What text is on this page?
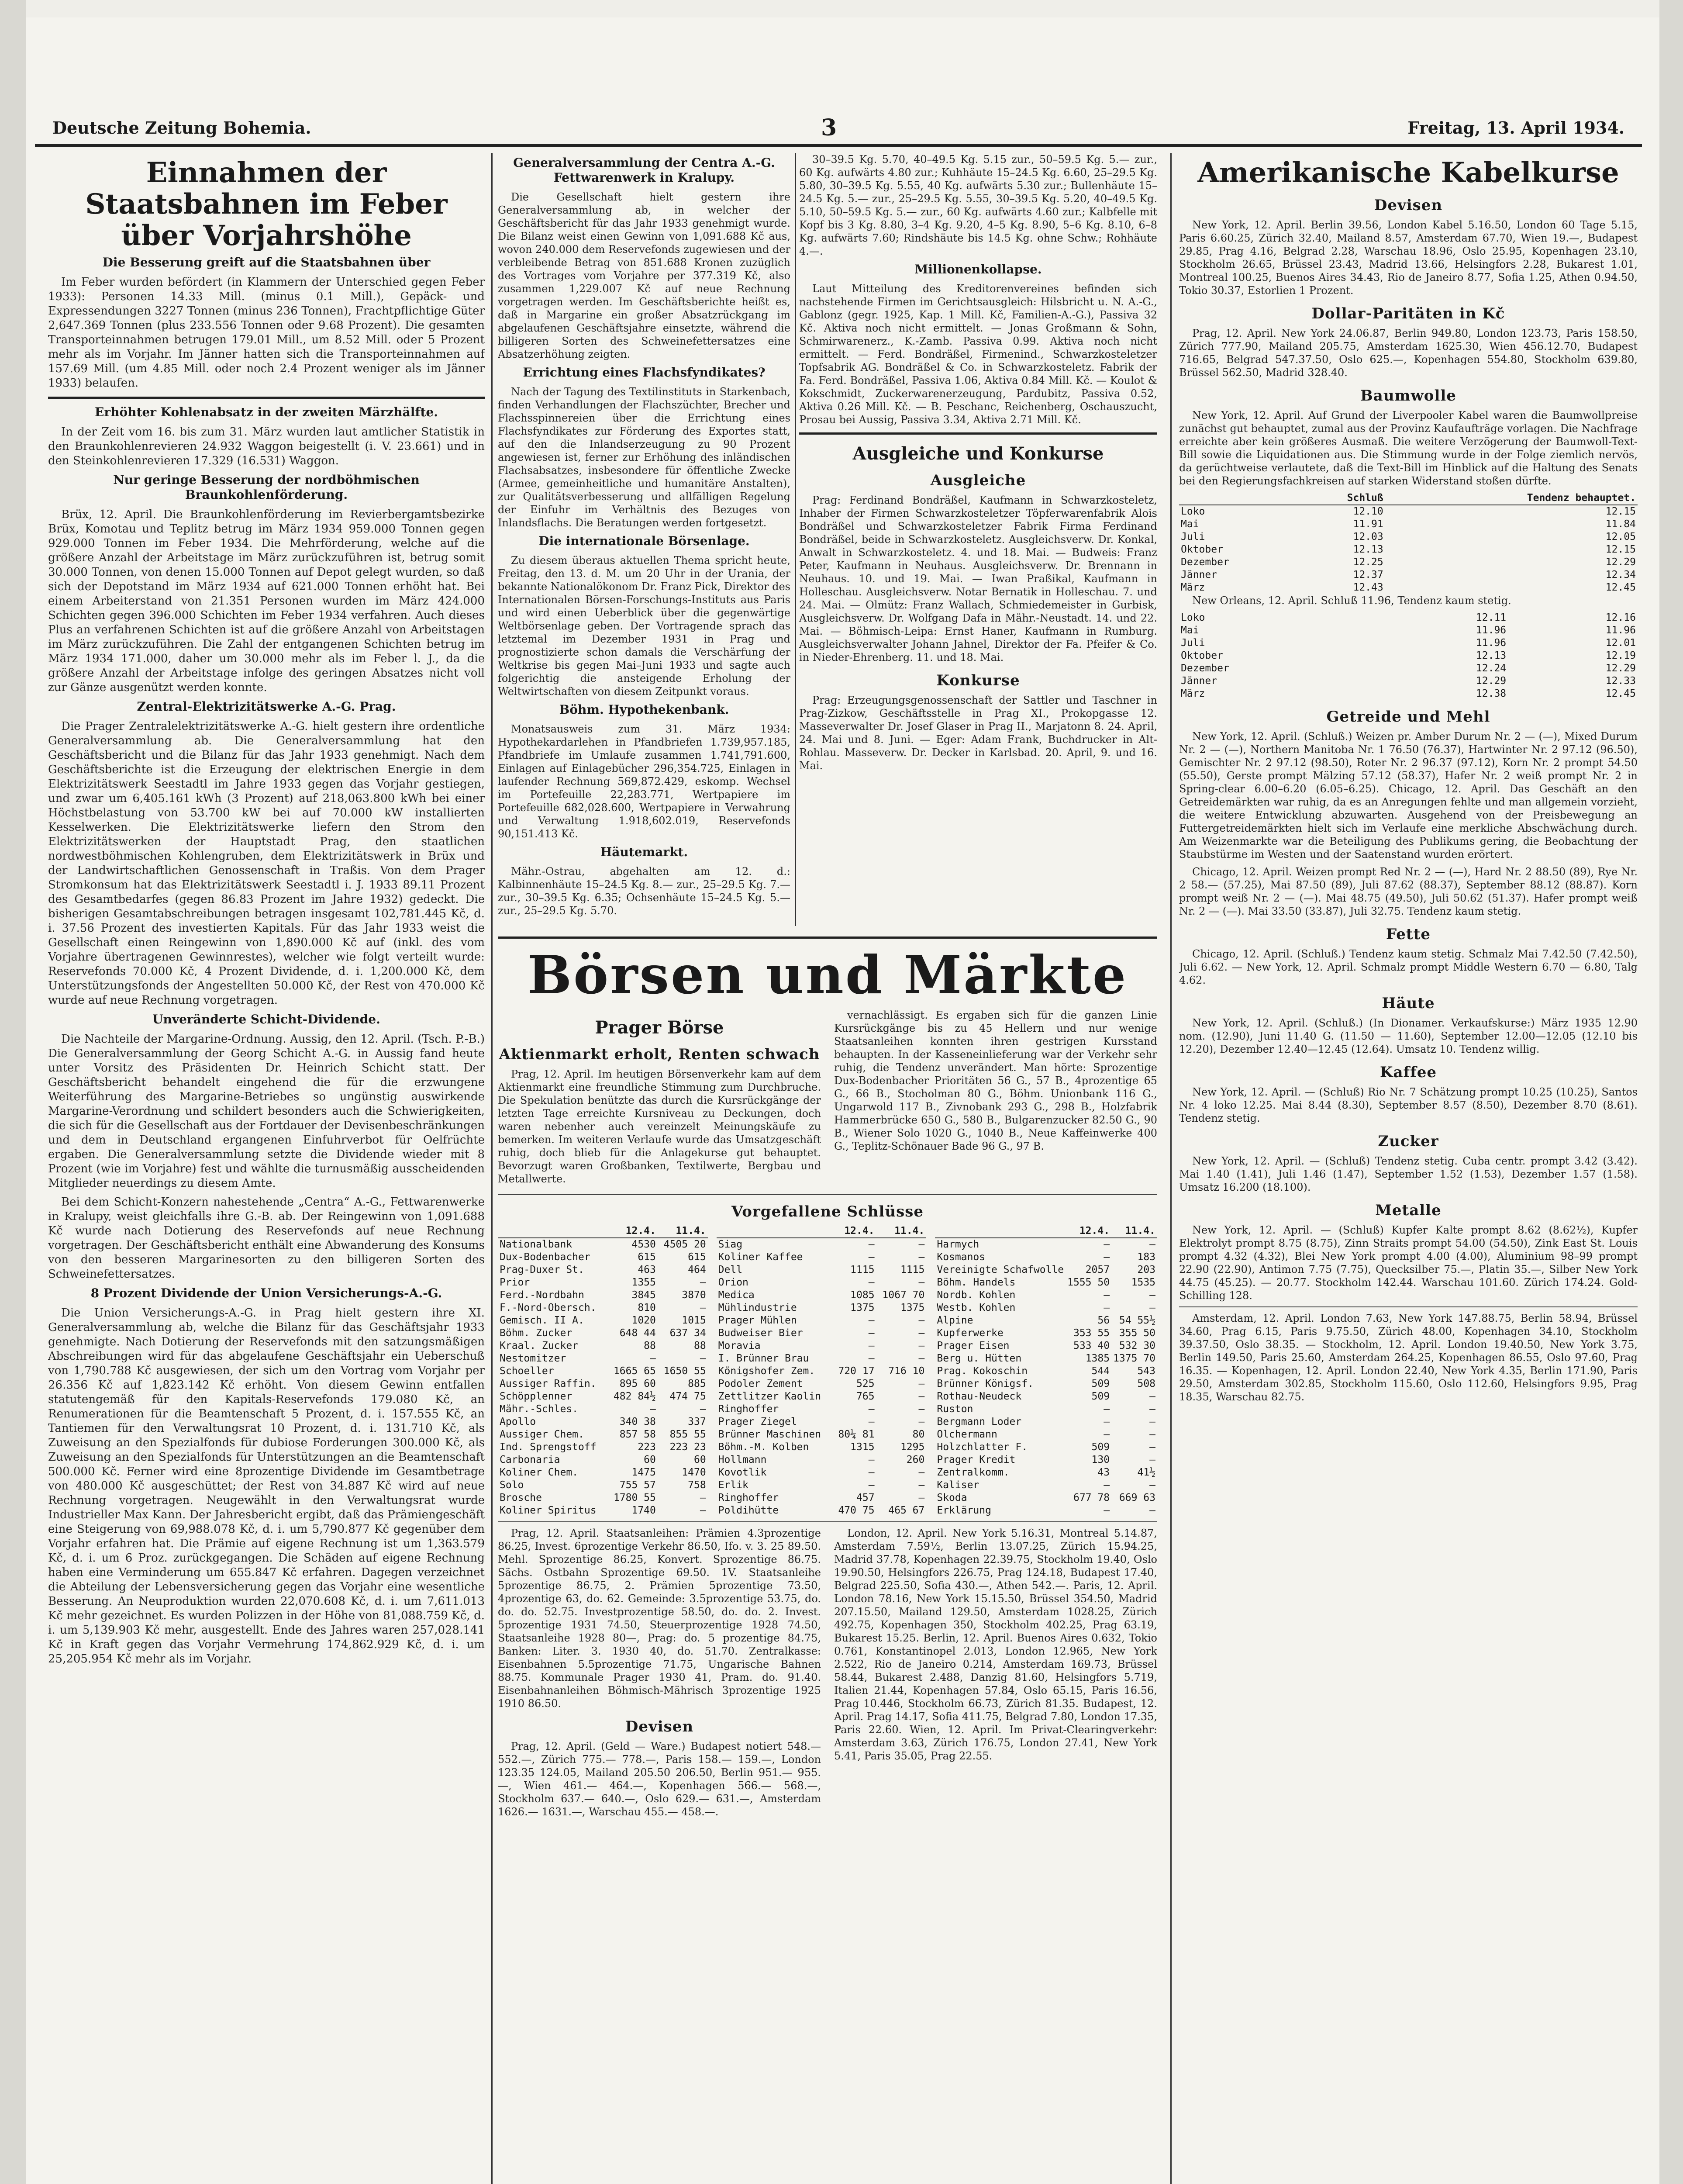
Deutsche Zeitung Bohemia.	3	Freitag, 13. April 1934.
Einnahmen der Staatsbahnen im Feber über Vorjahrshöhe
Die Besserung greift auf die Staatsbahnen über

Im Feber wurden befördert (in Klammern der Unterschied gegen Feber 1933): Personen 14.33 Mill. (minus 0.1 Mill.), Gepäck- und Expressendungen 3227 Tonnen (minus 236 Tonnen), Frachtpflichtige Güter 2,647.369 Tonnen (plus 233.556 Tonnen oder 9.68 Prozent). Die gesamten Transporteinnahmen betrugen 179.01 Mill., um 8.52 Mill. oder 5 Prozent mehr als im Vorjahr. Im Jänner hatten sich die Transporteinnahmen auf 157.69 Mill. (um 4.85 Mill. oder noch 2.4 Prozent weniger als im Jänner 1933) belaufen.

Erhöhter Kohlenabsatz in der zweiten Märzhälfte.

In der Zeit vom 16. bis zum 31. März wurden laut amtlicher Statistik in den Braunkohlenrevieren 24.932 Waggon beigestellt (i. V. 23.661) und in den Steinkohlenrevieren 17.329 (16.531) Waggon.

Nur geringe Besserung der nordböhmischen Braunkohlenförderung.

Brüx, 12. April. Die Braunkohlenförderung im Revierbergamtsbezirke Brüx, Komotau und Teplitz betrug im März 1934 959.000 Tonnen gegen 929.000 Tonnen im Feber 1934. Die Mehrförderung, welche auf die größere Anzahl der Arbeitstage im März zurückzuführen ist, betrug somit 30.000 Tonnen, von denen 15.000 Tonnen auf Depot gelegt wurden, so daß sich der Depotstand im März 1934 auf 621.000 Tonnen erhöht hat. Bei einem Arbeiterstand von 21.351 Personen wurden im März 424.000 Schichten gegen 396.000 Schichten im Feber 1934 verfahren. Auch dieses Plus an verfahrenen Schichten ist auf die größere Anzahl von Arbeitstagen im März zurückzuführen. Die Zahl der entgangenen Schichten betrug im März 1934 171.000, daher um 30.000 mehr als im Feber l. J., da die größere Anzahl der Arbeitstage infolge des geringen Absatzes nicht voll zur Gänze ausgenützt werden konnte.

Zentral-Elektrizitätswerke A.-G. Prag.

Die Prager Zentralelektrizitätswerke A.-G. hielt gestern ihre ordentliche Generalversammlung ab. Die Generalversammlung hat den Geschäftsbericht und die Bilanz für das Jahr 1933 genehmigt. Nach dem Geschäftsberichte ist die Erzeugung der elektrischen Energie in dem Elektrizitätswerk Seestadtl im Jahre 1933 gegen das Vorjahr gestiegen, und zwar um 6,405.161 kWh (3 Prozent) auf 218,063.800 kWh bei einer Höchstbelastung von 53.700 kW bei auf 70.000 kW installierten Kesselwerken. Die Elektrizitätswerke liefern den Strom den Elektrizitätswerken der Hauptstadt Prag, den staatlichen nordwestböhmischen Kohlengruben, dem Elektrizitätswerk in Brüx und der Landwirtschaftlichen Genossenschaft in Traßis. Von dem Prager Stromkonsum hat das Elektrizitätswerk Seestadtl i. J. 1933 89.11 Prozent des Gesamtbedarfes (gegen 86.83 Prozent im Jahre 1932) gedeckt. Die bisherigen Gesamtabschreibungen betragen insgesamt 102,781.445 Kč, d. i. 37.56 Prozent des investierten Kapitals. Für das Jahr 1933 weist die Gesellschaft einen Reingewinn von 1,890.000 Kč auf (inkl. des vom Vorjahre übertragenen Gewinnrestes), welcher wie folgt verteilt wurde: Reservefonds 70.000 Kč, 4 Prozent Dividende, d. i. 1,200.000 Kč, dem Unterstützungsfonds der Angestellten 50.000 Kč, der Rest von 470.000 Kč wurde auf neue Rechnung vorgetragen.

Unveränderte Schicht-Dividende.

Die Nachteile der Margarine-Ordnung. Aussig, den 12. April. (Tsch. P.-B.) Die Generalversammlung der Georg Schicht A.-G. in Aussig fand heute unter Vorsitz des Präsidenten Dr. Heinrich Schicht statt. Der Geschäftsbericht behandelt eingehend die für die erzwungene Weiterführung des Margarine-Betriebes so ungünstig auswirkende Margarine-Verordnung und schildert besonders auch die Schwierigkeiten, die sich für die Gesellschaft aus der Fortdauer der Devisenbeschränkungen und dem in Deutschland ergangenen Einfuhrverbot für Oelfrüchte ergaben. Die Generalversammlung setzte die Dividende wieder mit 8 Prozent (wie im Vorjahre) fest und wählte die turnusmäßig ausscheidenden Mitglieder neuerdings zu diesem Amte.

Bei dem Schicht-Konzern nahestehende „Centra“ A.-G., Fettwarenwerke in Kralupy, weist gleichfalls ihre G.-B. ab. Der Reingewinn von 1,091.688 Kč wurde nach Dotierung des Reservefonds auf neue Rechnung vorgetragen. Der Geschäftsbericht enthält eine Abwanderung des Konsums von den besseren Margarinesorten zu den billigeren Sorten des Schweinefettersatzes.

8 Prozent Dividende der Union Versicherungs-A.-G.

Die Union Versicherungs-A.-G. in Prag hielt gestern ihre XI. Generalversammlung ab, welche die Bilanz für das Geschäftsjahr 1933 genehmigte. Nach Dotierung der Reservefonds mit den satzungsmäßigen Abschreibungen wird für das abgelaufene Geschäftsjahr ein Ueberschuß von 1,790.788 Kč ausgewiesen, der sich um den Vortrag vom Vorjahr per 26.356 Kč auf 1,823.142 Kč erhöht. Von diesem Gewinn entfallen statutengemäß für den Kapitals-Reservefonds 179.080 Kč, an Renumerationen für die Beamtenschaft 5 Prozent, d. i. 157.555 Kč, an Tantiemen für den Verwaltungsrat 10 Prozent, d. i. 131.710 Kč, als Zuweisung an den Spezialfonds für dubiose Forderungen 300.000 Kč, als Zuweisung an den Spezialfonds für Unterstützungen an die Beamtenschaft 500.000 Kč. Ferner wird eine 8prozentige Dividende im Gesamtbetrage von 480.000 Kč ausgeschüttet; der Rest von 34.887 Kč wird auf neue Rechnung vorgetragen. Neugewählt in den Verwaltungsrat wurde Industrieller Max Kann. Der Jahresbericht ergibt, daß das Prämiengeschäft eine Steigerung von 69,988.078 Kč, d. i. um 5,790.877 Kč gegenüber dem Vorjahr erfahren hat. Die Prämie auf eigene Rechnung ist um 1,363.579 Kč, d. i. um 6 Proz. zurückgegangen. Die Schäden auf eigene Rechnung haben eine Verminderung um 655.847 Kč erfahren. Dagegen verzeichnet die Abteilung der Lebensversicherung gegen das Vorjahr eine wesentliche Besserung. An Neuproduktion wurden 22,070.608 Kč, d. i. um 7,611.013 Kč mehr gezeichnet. Es wurden Polizzen in der Höhe von 81,088.759 Kč, d. i. um 5,139.903 Kč mehr, ausgestellt. Ende des Jahres waren 257,028.141 Kč in Kraft gegen das Vorjahr Vermehrung 174,862.929 Kč, d. i. um 25,205.954 Kč mehr als im Vorjahr.

Generalversammlung der Centra A.-G. Fettwarenwerk in Kralupy.

Die Gesellschaft hielt gestern ihre Generalversammlung ab, in welcher der Geschäftsbericht für das Jahr 1933 genehmigt wurde. Die Bilanz weist einen Gewinn von 1,091.688 Kč aus, wovon 240.000 dem Reservefonds zugewiesen und der verbleibende Betrag von 851.688 Kronen zuzüglich des Vortrages vom Vorjahre per 377.319 Kč, also zusammen 1,229.007 Kč auf neue Rechnung vorgetragen werden. Im Geschäftsberichte heißt es, daß in Margarine ein großer Absatzrückgang im abgelaufenen Geschäftsjahre einsetzte, während die billigeren Sorten des Schweinefettersatzes eine Absatzerhöhung zeigten.

Errichtung eines Flachsfyndikates?

Nach der Tagung des Textilinstituts in Starkenbach, finden Verhandlungen der Flachszüchter, Brecher und Flachsspinnereien über die Errichtung eines Flachsfyndikates zur Förderung des Exportes statt, auf den die Inlandserzeugung zu 90 Prozent angewiesen ist, ferner zur Erhöhung des inländischen Flachsabsatzes, insbesondere für öffentliche Zwecke (Armee, gemeinheitliche und humanitäre Anstalten), zur Qualitätsverbesserung und allfälligen Regelung der Einfuhr im Verhältnis des Bezuges von Inlandsflachs. Die Beratungen werden fortgesetzt.

Die internationale Börsenlage.

Zu diesem überaus aktuellen Thema spricht heute, Freitag, den 13. d. M. um 20 Uhr in der Urania, der bekannte Nationalökonom Dr. Franz Pick, Direktor des Internationalen Börsen-Forschungs-Instituts aus Paris und wird einen Ueberblick über die gegenwärtige Weltbörsenlage geben. Der Vortragende sprach das letztemal im Dezember 1931 in Prag und prognostizierte schon damals die Verschärfung der Weltkrise bis gegen Mai–Juni 1933 und sagte auch folgerichtig die ansteigende Erholung der Weltwirtschaften von diesem Zeitpunkt voraus.

Böhm. Hypothekenbank.

Monatsausweis zum 31. März 1934: Hypothekardarlehen in Pfandbriefen 1.739,957.185, Pfandbriefe im Umlaufe zusammen 1.741,791.600, Einlagen auf Einlagebücher 296,354.725, Einlagen in laufender Rechnung 569,872.429, eskomp. Wechsel im Portefeuille 22,283.771, Wertpapiere im Portefeuille 682,028.600, Wertpapiere in Verwahrung und Verwaltung 1.918,602.019, Reservefonds 90,151.413 Kč.

Häutemarkt.

Mähr.-Ostrau, abgehalten am 12. d.: Kalbinnenhäute 15–24.5 Kg. 8.— zur., 25–29.5 Kg. 7.— zur., 30–39.5 Kg. 6.35; Ochsenhäute 15–24.5 Kg. 5.— zur., 25–29.5 Kg. 5.70.

30–39.5 Kg. 5.70, 40–49.5 Kg. 5.15 zur., 50–59.5 Kg. 5.— zur., 60 Kg. aufwärts 4.80 zur.; Kuhhäute 15–24.5 Kg. 6.60, 25–29.5 Kg. 5.80, 30–39.5 Kg. 5.55, 40 Kg. aufwärts 5.30 zur.; Bullenhäute 15–24.5 Kg. 5.— zur., 25–29.5 Kg. 5.55, 30–39.5 Kg. 5.20, 40–49.5 Kg. 5.10, 50–59.5 Kg. 5.— zur., 60 Kg. aufwärts 4.60 zur.; Kalbfelle mit Kopf bis 3 Kg. 8.80, 3–4 Kg. 9.20, 4–5 Kg. 8.90, 5–6 Kg. 8.10, 6–8 Kg. aufwärts 7.60; Rindshäute bis 14.5 Kg. ohne Schw.; Rohhäute 4.—.

Millionenkollapse.

Laut Mitteilung des Kreditorenvereines befinden sich nachstehende Firmen im Gerichtsausgleich: Hilsbricht u. N. A.-G., Gablonz (gegr. 1925, Kap. 1 Mill. Kč, Familien-A.-G.), Passiva 32 Kč. Aktiva noch nicht ermittelt. — Jonas Großmann & Sohn, Schmirwarenerz., K.-Zamb. Passiva 0.99. Aktiva noch nicht ermittelt. — Ferd. Bondräßel, Firmenind., Schwarzkosteletzer Topfsabrik AG. Bondräßel & Co. in Schwarzkosteletz. Fabrik der Fa. Ferd. Bondräßel, Passiva 1.06, Aktiva 0.84 Mill. Kč. — Koulot & Kokschmidt, Zuckerwarenerzeugung, Pardubitz, Passiva 0.52, Aktiva 0.26 Mill. Kč. — B. Peschanc, Reichenberg, Oschauszucht, Prosau bei Aussig, Passiva 3.34, Aktiva 2.71 Mill. Kč.

Ausgleiche und Konkurse
Ausgleiche

Prag: Ferdinand Bondräßel, Kaufmann in Schwarzkosteletz, Inhaber der Firmen Schwarzkosteletzer Töpferwarenfabrik Alois Bondräßel und Schwarzkosteletzer Fabrik Firma Ferdinand Bondräßel, beide in Schwarzkosteletz. Ausgleichsverw. Dr. Konkal, Anwalt in Schwarzkosteletz. 4. und 18. Mai. — Budweis: Franz Peter, Kaufmann in Neuhaus. Ausgleichsverw. Dr. Brennann in Neuhaus. 10. und 19. Mai. — Iwan Praßikal, Kaufmann in Holleschau. Ausgleichsverw. Notar Bernatik in Holleschau. 7. und 24. Mai. — Olmütz: Franz Wallach, Schmiedemeister in Gurbisk, Ausgleichsverw. Dr. Wolfgang Dafa in Mähr.-Neustadt. 14. und 22. Mai. — Böhmisch-Leipa: Ernst Haner, Kaufmann in Rumburg. Ausgleichsverwalter Johann Jahnel, Direktor der Fa. Pfeifer & Co. in Nieder-Ehrenberg. 11. und 18. Mai.

Konkurse

Prag: Erzeugungsgenossenschaft der Sattler und Taschner in Prag-Zizkow, Geschäftsstelle in Prag XI., Prokopgasse 12. Masseverwalter Dr. Josef Glaser in Prag II., Marjatonn 8. 24. April, 24. Mai und 8. Juni. — Eger: Adam Frank, Buchdrucker in Alt-Rohlau. Masseverw. Dr. Decker in Karlsbad. 20. April, 9. und 16. Mai.

Börsen und Märkte
Prager Börse
Aktienmarkt erholt, Renten schwach

Prag, 12. April. Im heutigen Börsenverkehr kam auf dem Aktienmarkt eine freundliche Stimmung zum Durchbruche. Die Spekulation benützte das durch die Kursrückgänge der letzten Tage erreichte Kursniveau zu Deckungen, doch waren nebenher auch vereinzelt Meinungskäufe zu bemerken. Im weiteren Verlaufe wurde das Umsatzgeschäft ruhig, doch blieb für die Anlagekurse gut behauptet. Bevorzugt waren Großbanken, Textilwerte, Bergbau und Metallwerte.

vernachlässigt. Es ergaben sich für die ganzen Linie Kursrückgänge bis zu 45 Hellern und nur wenige Staatsanleihen konnten ihren gestrigen Kursstand behaupten. In der Kasseneinlieferung war der Verkehr sehr ruhig, die Tendenz unverändert. Man hörte: Sprozentige Dux-Bodenbacher Prioritäten 56 G., 57 B., 4prozentige 65 G., 66 B., Stocholman 80 G., Böhm. Unionbank 116 G., Ungarwold 117 B., Zivnobank 293 G., 298 B., Holzfabrik Hammerbrücke 650 G., 580 B., Bulgarenzucker 82.50 G., 90 B., Wiener Solo 1020 G., 1040 B., Neue Kaffeinwerke 400 G., Teplitz-Schönauer Bade 96 G., 97 B.

Vorgefallene Schlüsse
	12.4.	11.4.
Nationalbank	4530	4505 20
Dux-Bodenbacher	615	615
Prag-Duxer St.	463	464
Prior	1355	—
Ferd.-Nordbahn	3845	3870
F.-Nord-Obersch.	810	—
Gemisch. II A.	1020	1015
Böhm. Zucker	648 44	637 34
Kraal. Zucker	88	88
Nestomitzer	—	—
Schoeller	1665 65	1650 55
Aussiger Raffin.	895 60	885
Schöpplenner	482 84½	474 75
Mähr.-Schles.	—	—
Apollo	340 38	337
Aussiger Chem.	857 58	855 55
Ind. Sprengstoff	223	223 23
Carbonaria	60	60
Koliner Chem.	1475	1470
Solo	755 57	758
Brosche	1780 55	—
Koliner Spiritus	1740	—
	12.4.	11.4.
Siag	—	—
Koliner Kaffee	—	—
Dell	1115	1115
Orion	—	—
Medica	1085	1067 70
Mühlindustrie	1375	1375
Prager Mühlen	—	—
Budweiser Bier	—	—
Moravia	—	—
I. Brünner Brau	—	—
Königshofer Zem.	720 17	716 10
Podoler Zement	525	—
Zettlitzer Kaolin	765	—
Ringhoffer	—	—
Prager Ziegel	—	—
Brünner Maschinen	80¼ 81	80
Böhm.-M. Kolben	1315	1295
Hollmann	—	260
Kovotlik	—	—
Erlik	—	—
Ringhoffer	457	—
Poldihütte	470 75	465 67
	12.4.	11.4.
Harmych	—	—
Kosmanos	—	183
Vereinigte Schafwolle	2057	203
Böhm. Handels	1555 50	1535
Nordb. Kohlen	—	—
Westb. Kohlen	—	—
Alpine	56	54 55½
Kupferwerke	353 55	355 50
Prager Eisen	533 40	532 30
Berg u. Hütten	1385	1375 70
Prag. Kokoschin	544	543
Brünner Königsf.	509	508
Rothau-Neudeck	509	—
Ruston	—	—
Bergmann Loder	—	—
Olchermann	—	—
Holzchlatter F.	509	—
Prager Kredit	130	—
Zentralkomm.	43	41½
Kaliser	—	—
Skoda	677 78	669 63
Erklärung	—	—

Prag, 12. April. Staatsanleihen: Prämien 4.3prozentige 86.25, Invest. 6prozentige Verkehr 86.50, Ifo. v. 3. 25 89.50. Mehl. Sprozentige 86.25, Konvert. Sprozentige 86.75. Sächs. Ostbahn Sprozentige 69.50. 1V. Staatsanleihe 5prozentige 86.75, 2. Prämien 5prozentige 73.50, 4prozentige 63, do. 62. Gemeinde: 3.5prozentige 53.75, do. do. do. 52.75. Investprozentige 58.50, do. do. 2. Invest. 5prozentige 1931 74.50, Steuerprozentige 1928 74.50, Staatsanleihe 1928 80—, Prag: do. 5 prozentige 84.75, Banken: Liter. 3. 1930 40, do. 51.70. Zentralkasse: Eisenbahnen 5.5prozentige 71.75, Ungarische Bahnen 88.75. Kommunale Prager 1930 41, Pram. do. 91.40. Eisenbahnanleihen Böhmisch-Mährisch 3prozentige 1925 1910 86.50.

Devisen

Prag, 12. April. (Geld — Ware.) Budapest notiert 548.— 552.—, Zürich 775.— 778.—, Paris 158.— 159.—, London 123.35 124.05, Mailand 205.50 206.50, Berlin 951.— 955.—, Wien 461.— 464.—, Kopenhagen 566.— 568.—, Stockholm 637.— 640.—, Oslo 629.— 631.—, Amsterdam 1626.— 1631.—, Warschau 455.— 458.—.

London, 12. April. New York 5.16.31, Montreal 5.14.87, Amsterdam 7.59½, Berlin 13.07.25, Zürich 15.94.25, Madrid 37.78, Kopenhagen 22.39.75, Stockholm 19.40, Oslo 19.90.50, Helsingfors 226.75, Prag 124.18, Budapest 17.40, Belgrad 225.50, Sofia 430.—, Athen 542.—. Paris, 12. April. London 78.16, New York 15.15.50, Brüssel 354.50, Madrid 207.15.50, Mailand 129.50, Amsterdam 1028.25, Zürich 492.75, Kopenhagen 350, Stockholm 402.25, Prag 63.19, Bukarest 15.25. Berlin, 12. April. Buenos Aires 0.632, Tokio 0.761, Konstantinopel 2.013, London 12.965, New York 2.522, Rio de Janeiro 0.214, Amsterdam 169.73, Brüssel 58.44, Bukarest 2.488, Danzig 81.60, Helsingfors 5.719, Italien 21.44, Kopenhagen 57.84, Oslo 65.15, Paris 16.56, Prag 10.446, Stockholm 66.73, Zürich 81.35. Budapest, 12. April. Prag 14.17, Sofia 411.75, Belgrad 7.80, London 17.35, Paris 22.60. Wien, 12. April. Im Privat-Clearingverkehr: Amsterdam 3.63, Zürich 176.75, London 27.41, New York 5.41, Paris 35.05, Prag 22.55.

Amerikanische Kabelkurse
Devisen

New York, 12. April. Berlin 39.56, London Kabel 5.16.50, London 60 Tage 5.15, Paris 6.60.25, Zürich 32.40, Mailand 8.57, Amsterdam 67.70, Wien 19.—, Budapest 29.85, Prag 4.16, Belgrad 2.28, Warschau 18.96, Oslo 25.95, Kopenhagen 23.10, Stockholm 26.65, Brüssel 23.43, Madrid 13.66, Helsingfors 2.28, Bukarest 1.01, Montreal 100.25, Buenos Aires 34.43, Rio de Janeiro 8.77, Sofia 1.25, Athen 0.94.50, Tokio 30.37, Estorlien 1 Prozent.

Dollar-Paritäten in Kč

Prag, 12. April. New York 24.06.87, Berlin 949.80, London 123.73, Paris 158.50, Zürich 777.90, Mailand 205.75, Amsterdam 1625.30, Wien 456.12.70, Budapest 716.65, Belgrad 547.37.50, Oslo 625.—, Kopenhagen 554.80, Stockholm 639.80, Brüssel 562.50, Madrid 328.40.

Baumwolle

New York, 12. April. Auf Grund der Liverpooler Kabel waren die Baumwollpreise zunächst gut behauptet, zumal aus der Provinz Kaufaufträge vorlagen. Die Nachfrage erreichte aber kein größeres Ausmaß. Die weitere Verzögerung der Baumwoll-Text-Bill sowie die Liquidationen aus. Die Stimmung wurde in der Folge ziemlich nervös, da gerüchtweise verlautete, daß die Text-Bill im Hinblick auf die Haltung des Senats bei den Regierungsfachkreisen auf starken Widerstand stoßen dürfte.

	Schluß	Tendenz behauptet.
Loko	12.10	12.15
Mai	11.91	11.84
Juli	12.03	12.05
Oktober	12.13	12.15
Dezember	12.25	12.29
Jänner	12.37	12.34
März	12.43	12.45

New Orleans, 12. April. Schluß 11.96, Tendenz kaum stetig.

Loko	12.11	12.16
Mai	11.96	11.96
Juli	11.96	12.01
Oktober	12.13	12.19
Dezember	12.24	12.29
Jänner	12.29	12.33
März	12.38	12.45
Getreide und Mehl

New York, 12. April. (Schluß.) Weizen pr. Amber Durum Nr. 2 — (—), Mixed Durum Nr. 2 — (—), Northern Manitoba Nr. 1 76.50 (76.37), Hartwinter Nr. 2 97.12 (96.50), Gemischter Nr. 2 97.12 (98.50), Roter Nr. 2 96.37 (97.12), Korn Nr. 2 prompt 54.50 (55.50), Gerste prompt Mälzing 57.12 (58.37), Hafer Nr. 2 weiß prompt Nr. 2 in Spring-clear 6.00–6.20 (6.05–6.25). Chicago, 12. April. Das Geschäft an den Getreidemärkten war ruhig, da es an Anregungen fehlte und man allgemein vorzieht, die weitere Entwicklung abzuwarten. Ausgehend von der Preisbewegung an Futtergetreidemärkten hielt sich im Verlaufe eine merkliche Abschwächung durch. Am Weizenmarkte war die Beteiligung des Publikums gering, die Beobachtung der Staubstürme im Westen und der Saatenstand wurden erörtert.

Chicago, 12. April. Weizen prompt Red Nr. 2 — (—), Hard Nr. 2 88.50 (89), Rye Nr. 2 58.— (57.25), Mai 87.50 (89), Juli 87.62 (88.37), September 88.12 (88.87). Korn prompt weiß Nr. 2 — (—). Mai 48.75 (49.50), Juli 50.62 (51.37). Hafer prompt weiß Nr. 2 — (—). Mai 33.50 (33.87), Juli 32.75. Tendenz kaum stetig.

Fette

Chicago, 12. April. (Schluß.) Tendenz kaum stetig. Schmalz Mai 7.42.50 (7.42.50), Juli 6.62. — New York, 12. April. Schmalz prompt Middle Western 6.70 — 6.80, Talg 4.62.

Häute

New York, 12. April. (Schluß.) (In Dionamer. Verkaufskurse:) März 1935 12.90 nom. (12.90), Juni 11.40 G. (11.50 — 11.60), September 12.00—12.05 (12.10 bis 12.20), Dezember 12.40—12.45 (12.64). Umsatz 10. Tendenz willig.

Kaffee

New York, 12. April. — (Schluß) Rio Nr. 7 Schätzung prompt 10.25 (10.25), Santos Nr. 4 loko 12.25. Mai 8.44 (8.30), September 8.57 (8.50), Dezember 8.70 (8.61). Tendenz stetig.

Zucker

New York, 12. April. — (Schluß) Tendenz stetig. Cuba centr. prompt 3.42 (3.42). Mai 1.40 (1.41), Juli 1.46 (1.47), September 1.52 (1.53), Dezember 1.57 (1.58). Umsatz 16.200 (18.100).

Metalle

New York, 12. April. — (Schluß) Kupfer Kalte prompt 8.62 (8.62½), Kupfer Elektrolyt prompt 8.75 (8.75), Zinn Straits prompt 54.00 (54.50), Zink East St. Louis prompt 4.32 (4.32), Blei New York prompt 4.00 (4.00), Aluminium 98–99 prompt 22.90 (22.90), Antimon 7.75 (7.75), Quecksilber 75.—, Platin 35.—, Silber New York 44.75 (45.25). — 20.77. Stockholm 142.44. Warschau 101.60. Zürich 174.24. Gold-Schilling 128.

Amsterdam, 12. April. London 7.63, New York 147.88.75, Berlin 58.94, Brüssel 34.60, Prag 6.15, Paris 9.75.50, Zürich 48.00, Kopenhagen 34.10, Stockholm 39.37.50, Oslo 38.35. — Stockholm, 12. April. London 19.40.50, New York 3.75, Berlin 149.50, Paris 25.60, Amsterdam 264.25, Kopenhagen 86.55, Oslo 97.60, Prag 16.35. — Kopenhagen, 12. April. London 22.40, New York 4.35, Berlin 171.90, Paris 29.50, Amsterdam 302.85, Stockholm 115.60, Oslo 112.60, Helsingfors 9.95, Prag 18.35, Warschau 82.75.
